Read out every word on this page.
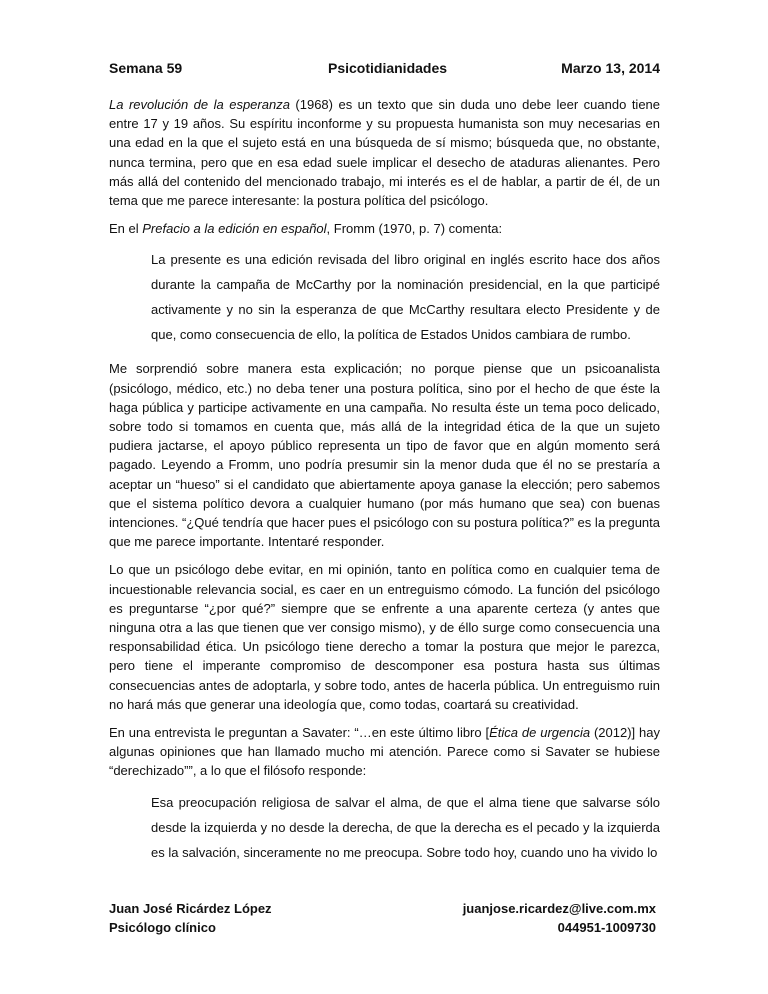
Semana 59	Psicotidianidades	Marzo 13, 2014

La revolución de la esperanza (1968) es un texto que sin duda uno debe leer cuando tiene entre 17 y 19 años. Su espíritu inconforme y su propuesta humanista son muy necesarias en una edad en la que el sujeto está en una búsqueda de sí mismo; búsqueda que, no obstante, nunca termina, pero que en esa edad suele implicar el desecho de ataduras alienantes. Pero más allá del contenido del mencionado trabajo, mi interés es el de hablar, a partir de él, de un tema que me parece interesante: la postura política del psicólogo.

En el Prefacio a la edición en español, Fromm (1970, p. 7) comenta:

La presente es una edición revisada del libro original en inglés escrito hace dos años durante la campaña de McCarthy por la nominación presidencial, en la que participé activamente y no sin la esperanza de que McCarthy resultara electo Presidente y de que, como consecuencia de ello, la política de Estados Unidos cambiara de rumbo.

Me sorprendió sobre manera esta explicación; no porque piense que un psicoanalista (psicólogo, médico, etc.) no deba tener una postura política, sino por el hecho de que éste la haga pública y participe activamente en una campaña. No resulta éste un tema poco delicado, sobre todo si tomamos en cuenta que, más allá de la integridad ética de la que un sujeto pudiera jactarse, el apoyo público representa un tipo de favor que en algún momento será pagado. Leyendo a Fromm, uno podría presumir sin la menor duda que él no se prestaría a aceptar un “hueso” si el candidato que abiertamente apoya ganase la elección; pero sabemos que el sistema político devora a cualquier humano (por más humano que sea) con buenas intenciones. “¿Qué tendría que hacer pues el psicólogo con su postura política?” es la pregunta que me parece importante. Intentaré responder.

Lo que un psicólogo debe evitar, en mi opinión, tanto en política como en cualquier tema de incuestionable relevancia social, es caer en un entreguismo cómodo. La función del psicólogo es preguntarse “¿por qué?” siempre que se enfrente a una aparente certeza (y antes que ninguna otra a las que tienen que ver consigo mismo), y de éllo surge como consecuencia una responsabilidad ética. Un psicólogo tiene derecho a tomar la postura que mejor le parezca, pero tiene el imperante compromiso de descomponer esa postura hasta sus últimas consecuencias antes de adoptarla, y sobre todo, antes de hacerla pública. Un entreguismo ruin no hará más que generar una ideología que, como todas, coartará su creatividad.

En una entrevista le preguntan a Savater: “…en este último libro [Ética de urgencia (2012)] hay algunas opiniones que han llamado mucho mi atención. Parece como si Savater se hubiese “derechizado””, a lo que el filósofo responde:

Esa preocupación religiosa de salvar el alma, de que el alma tiene que salvarse sólo desde la izquierda y no desde la derecha, de que la derecha es el pecado y la izquierda es la salvación, sinceramente no me preocupa. Sobre todo hoy, cuando uno ha vivido lo

Juan José Ricárdez López
Psicólogo clínico
juanjose.ricardez@live.com.mx
044951-1009730
